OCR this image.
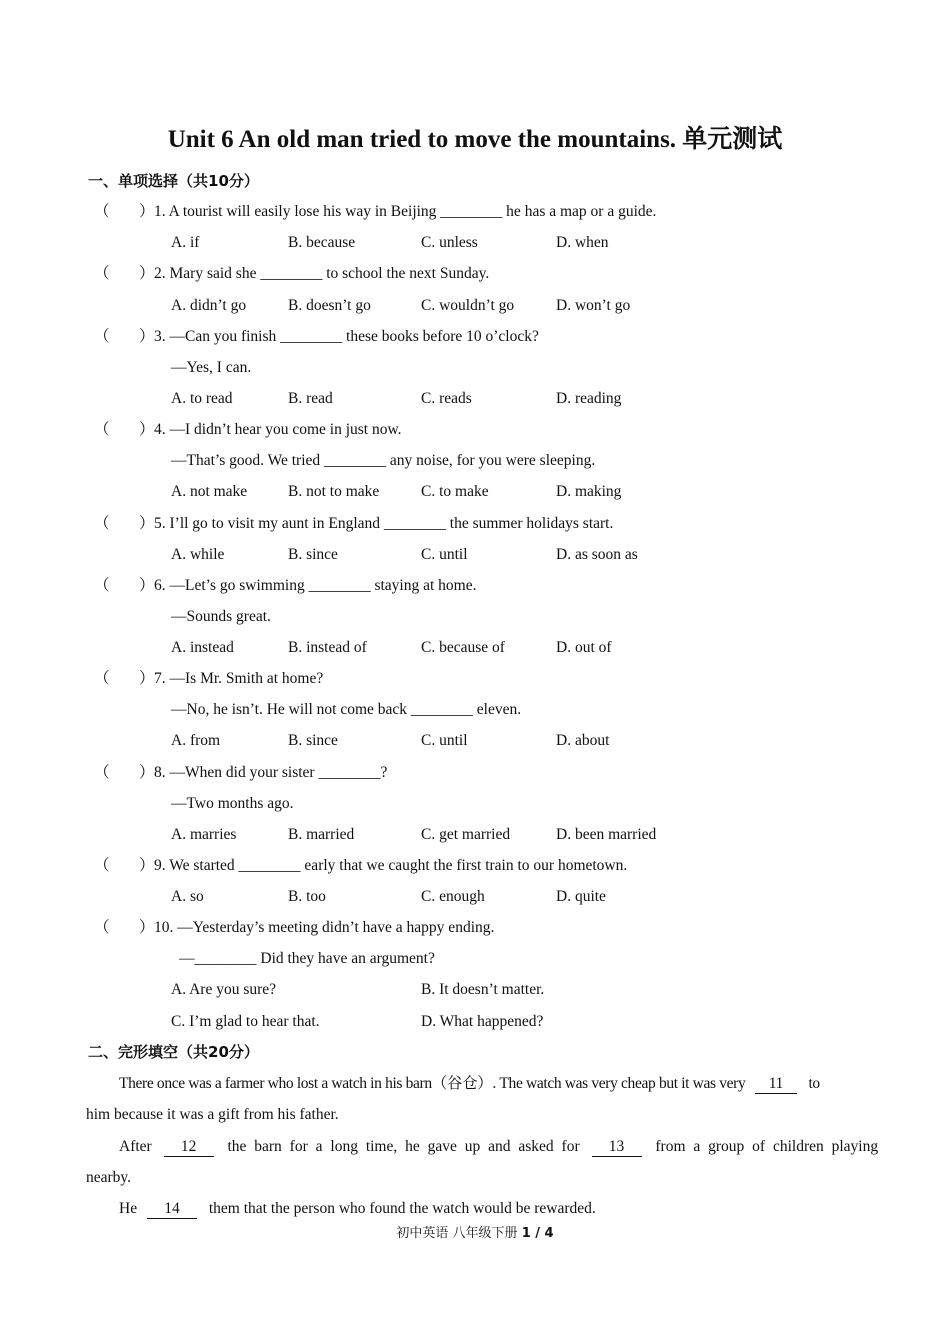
Unit 6 An old man tried to move the mountains. 单元测试
一、单项选择（共10分）
（ ） 1. A tourist will easily lose his way in Beijing ________ he has a map or a guide.
A. if	B. because	C. unless	D. when
（ ） 2. Mary said she ________ to school the next Sunday.
A. didn’t go	B. doesn’t go	C. wouldn’t go	D. won’t go
（ ） 3. —Can you finish ________ these books before 10 o’clock?
—Yes, I can.
A. to read	B. read	C. reads	D. reading
（ ） 4. —I didn’t hear you come in just now.
—That’s good. We tried ________ any noise, for you were sleeping.
A. not make	B. not to make	C. to make	D. making
（ ） 5. I’ll go to visit my aunt in England ________ the summer holidays start.
A. while	B. since	C. until	D. as soon as
（ ） 6. —Let’s go swimming ________ staying at home.
—Sounds great.
A. instead	B. instead of	C. because of	D. out of
（ ） 7. —Is Mr. Smith at home?
—No, he isn’t. He will not come back ________ eleven.
A. from	B. since	C. until	D. about
（ ） 8. —When did your sister ________?
—Two months ago.
A. marries	B. married	C. get married	D. been married
（ ） 9. We started ________ early that we caught the first train to our hometown.
A. so	B. too	C. enough	D. quite
（ ） 10. —Yesterday’s meeting didn’t have a happy ending.
—________ Did they have an argument?
A. Are you sure?	B. It doesn’t matter.
C. I’m glad to hear that.	D. What happened?
二、完形填空（共20分）
There once was a farmer who lost a watch in his barn（谷仓）. The watch was very cheap but it was very 11 to
him because it was a gift from his father.
After 12 the barn for a long time, he gave up and asked for 13 from a group of children playing
nearby.
He 14 them that the person who found the watch would be rewarded.
初中英语 八年级下册 1 / 4
